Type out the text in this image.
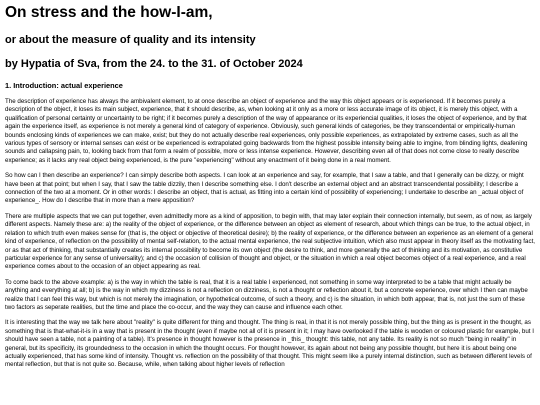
On stress and the how-I-am,
or about the measure of quality and its intensity
by Hypatia of Sva, from the 24. to the 31. of October 2024
1. Introduction: actual experience

The description of experience has always the ambivalent element, to at once describe an object of experience and the way this object appears or is experienced. If it becomes purely a description of the object, it loses its main subject, experience, that it should describe, as, when looking at it only as a more or less accurate image of its object, it is merely this object, with a qualification of personal certainty or uncertainty to be right; if it becomes purely a description of the way of appearance or its experiencial qualities, it loses the object of experience, and by that again the experience itself, as experience is not merely a general kind of category of experience. Obviously, such general kinds of categories, be they transcendental or empirically-human bounds enclosing kinds of experiences we can make, exist; but they do not actually describe real experiences, only possible experiences, as extrapolated by extreme cases, such as all the various types of sensory or internal senses can exist or be experienced is extrapolated going backwards from the highest possible intensity being able to imgine, from blinding lights, deafening sounds and callapsing pain, to, looking back from that form a realm of possible, more or less intense experience. However, describing even all of that does not come close to really describe experience; as it lacks any real object being experienced, is the pure "experiencing" without any enactment of it being done in a real moment.

So how can I then describe an experience? I can simply describe both aspects. I can look at an experience and say, for example, that I saw a table, and that I generally can be dizzy, or might have been at that point; but when I say, that I saw the table dizzily, then I describe something else. I don't describe an external object and an abstract transcendental possibility; I describe a connection of the two at a moment. Or in other words: I describe an object, that is actual, as fitting into a certain kind of possibility of experiencing; I undertake to describe an _actual object of experience_. How do I describe that in more than a mere apposition?

There are multiple aspects that we can put together, even admittedly more as a kind of apposition, to begin with, that may later explain their connection internally, but seem, as of now, as largely different aspects. Namely these are: a) the reality of the object of experience, or the difference between an object as element of research, about which things can be true, to the actual object, in relation to which truth even makes sense for (that is, the object or objective of theoretical desire); b) the reality of experience, or the difference between an experience as an element of a general kind of experience, of reflection on the possibility of mental self-relation, to the actual mental experience, the real subjective intuition, which also must appear in theory itself as the motivating fact, or as that act of thinking, that substantially creates its internal possibility to become its own object (the desire to think, and more generally the act of thinking and its motivation, as constitutive particular experience for any sense of universality); and c) the occasion of collision of thought and object, or the situation in which a real object becomes object of a real experience, and a real experience comes about to the occasion of an object appearing as real.

To come back to the above example: a) is the way in which the table is real, that it is a real table I experienced, not something in some way interpreted to be a table that might actually be anything and everything at all; b) is the way in which my dizziness is not a reflection on dizziness, is not a thought or reflection about it, but a concrete experience, over which I then can maybe realize that I can feel this way, but which is not merely the imagination, or hypothetical outcome, of such a theory, and c) is the situation, in which both appear, that is, not just the sum of these two factors as seperate realities, but the time and place the co-occur, and the way they can cause and influence each other.

It is interesting that the way we talk here about "reality" is quite different for thing and thought. The thing is real, in that it is not merely possible thing, but the thing as is present in the thought, as something that is that-what-it-is in a way that is present in the thought (even if maybe not all of it is present in it; I may have overlooked if the table is wooden or coloured plastic for example, but I should have seen a table, not a painting of a table). It's presence in thought however is the presence in _this_ thought: this table, not any table. Its reality is not so much "being in reality" in general, but its specificity, its groundedness to the occasion in which the thought occurs. For thought however, its again about not being any possible thought, but here it is about being one actually experienced, that has some kind of intensity. Thought vs. reflection on the possibility of that thought. This might seem like a purely internal distinction, such as between different levels of mental reflection, but that is not quite so. Because, while, when talking about higher levels of reflection
